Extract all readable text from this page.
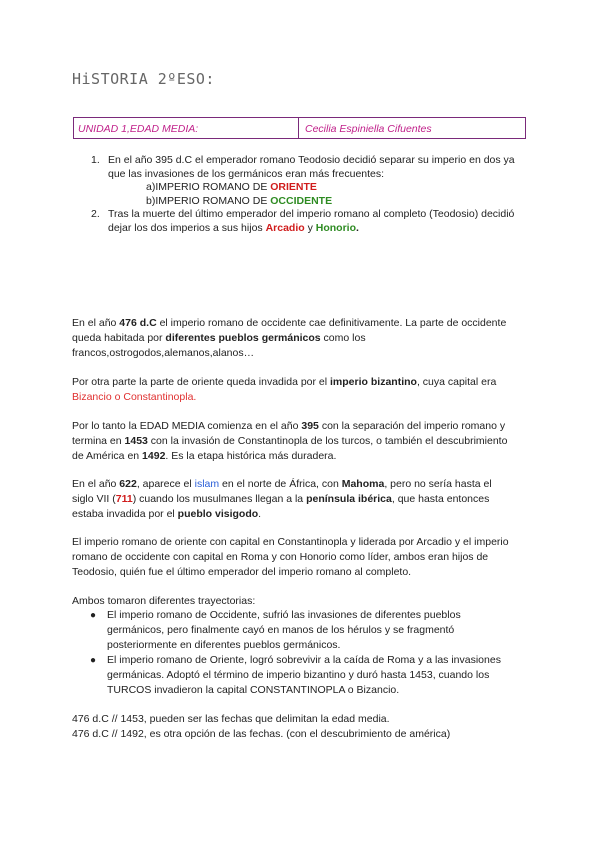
HiSTORIA 2ºESO:
UNIDAD 1,EDAD MEDIA:	Cecilia Espiniella Cifuentes
1. En el año 395 d.C el emperador romano Teodosio decidió separar su imperio en dos ya que las invasiones de los germánicos eran más frecuentes:
a)IMPERIO ROMANO DE ORIENTE
b)IMPERIO ROMANO DE OCCIDENTE
2. Tras la muerte del último emperador del imperio romano al completo (Teodosio) decidió dejar los dos imperios a sus hijos Arcadio y Honorio.
En el año 476 d.C el imperio romano de occidente cae definitivamente. La parte de occidente queda habitada por diferentes pueblos germánicos como los francos,ostrogodos,alemanos,alanos…
Por otra parte la parte de oriente queda invadida por el imperio bizantino, cuya capital era Bizancio o Constantinopla.
Por lo tanto la EDAD MEDIA comienza en el año 395 con la separación del imperio romano y termina en 1453 con la invasión de Constantinopla de los turcos, o también el descubrimiento de América en 1492. Es la etapa histórica más duradera.
En el año 622, aparece el islam en el norte de África, con Mahoma, pero no sería hasta el siglo VII (711) cuando los musulmanes llegan a la península ibérica, que hasta entonces estaba invadida por el pueblo visigodo.
El imperio romano de oriente con capital en Constantinopla y liderada por Arcadio y el imperio romano de occidente con capital en Roma y con Honorio como líder, ambos eran hijos de Teodosio, quién fue el último emperador del imperio romano al completo.
Ambos tomaron diferentes trayectorias:
● El imperio romano de Occidente, sufrió las invasiones de diferentes pueblos germánicos, pero finalmente cayó en manos de los hérulos y se fragmentó posteriormente en diferentes pueblos germánicos.
● El imperio romano de Oriente, logró sobrevivir a la caída de Roma y a las invasiones germánicas. Adoptó el término de imperio bizantino y duró hasta 1453, cuando los TURCOS invadieron la capital CONSTANTINOPLA o Bizancio.
476 d.C // 1453, pueden ser las fechas que delimitan la edad media.
476 d.C // 1492, es otra opción de las fechas. (con el descubrimiento de américa)
